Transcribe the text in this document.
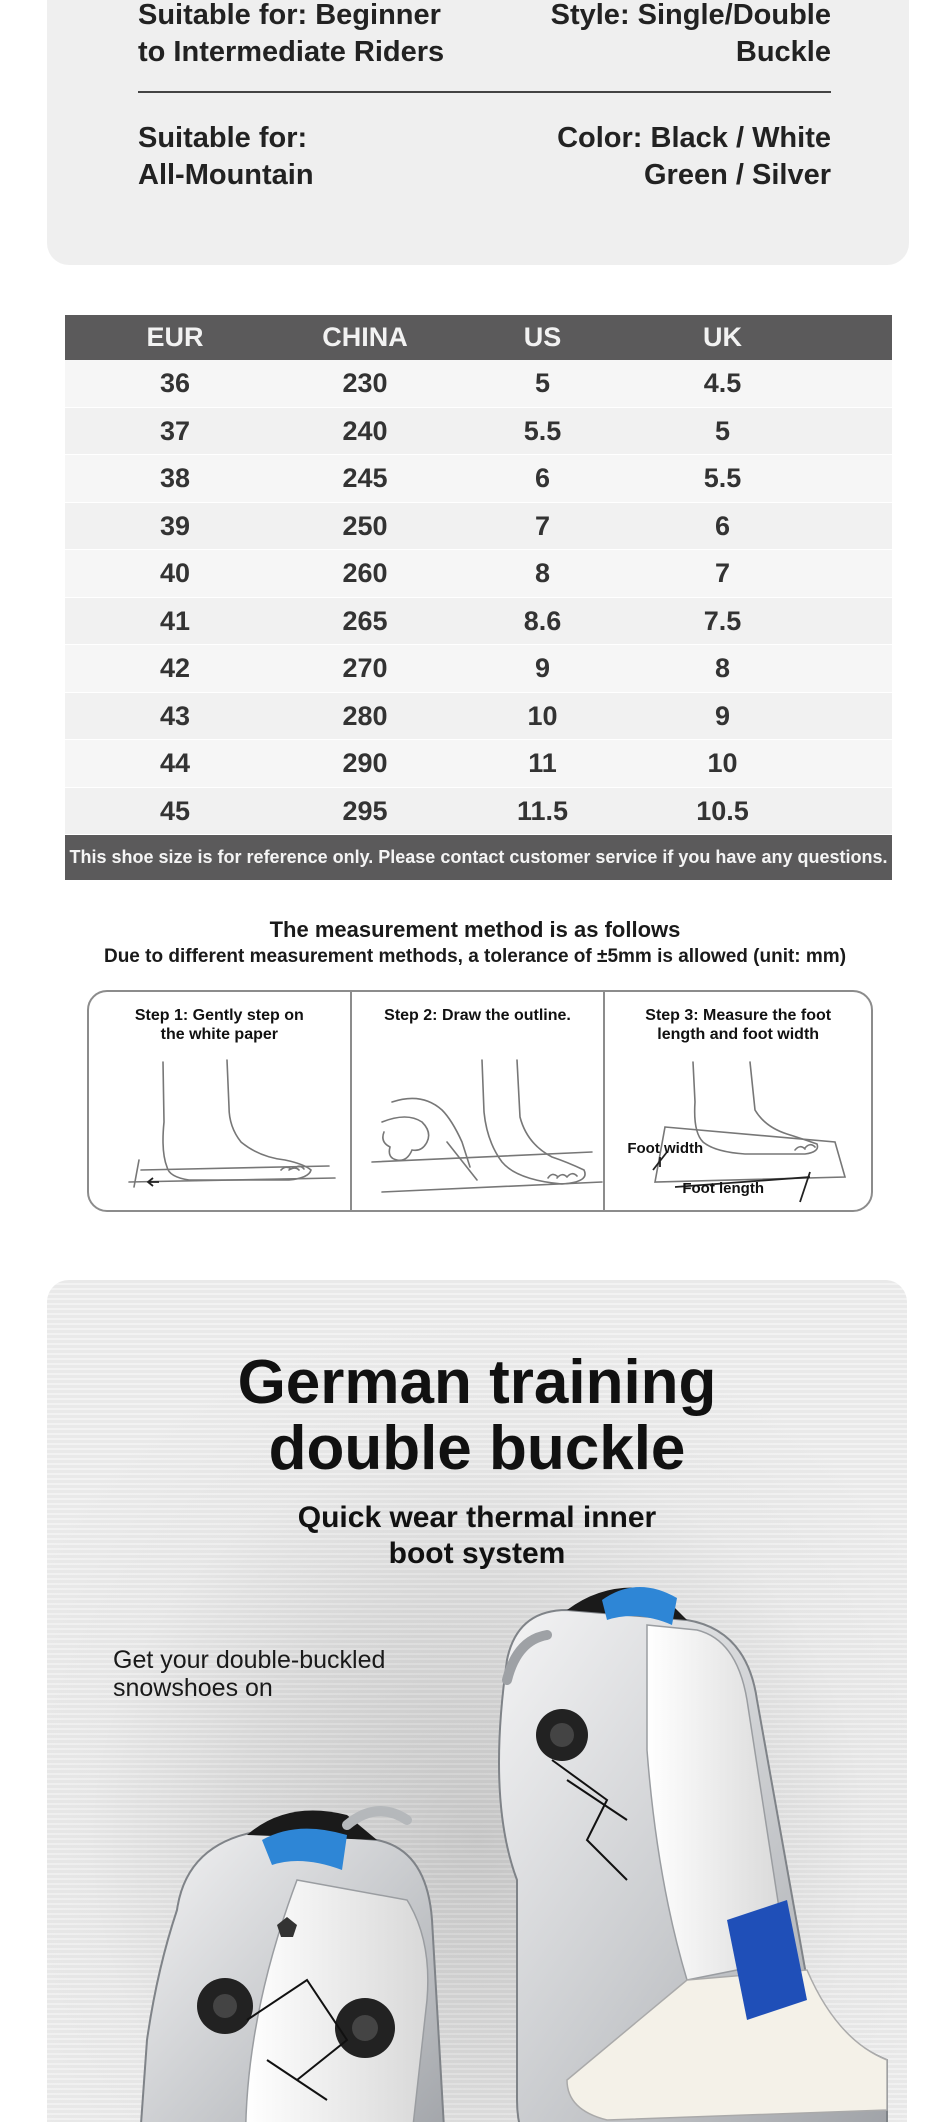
Suitable for: Beginner
to Intermediate Riders
Style: Single/Double
Buckle
Suitable for:
All-Mountain
Color: Black / White
Green / Silver
EUR	CHINA	US	UK
36	230	5	4.5
37	240	5.5	5
38	245	6	5.5
39	250	7	6
40	260	8	7
41	265	8.6	7.5
42	270	9	8
43	280	10	9
44	290	11	10
45	295	11.5	10.5
This shoe size is for reference only. Please contact customer service if you have any questions.
The measurement method is as follows
Due to different measurement methods, a tolerance of ±5mm is allowed (unit: mm)
Step 1: Gently step on
the white paper
Step 2: Draw the outline.	Step 3: Measure the foot
length and foot width
Foot width
Foot length
German training
double buckle
Quick wear thermal inner
boot system
Get your double-buckled
snowshoes on
